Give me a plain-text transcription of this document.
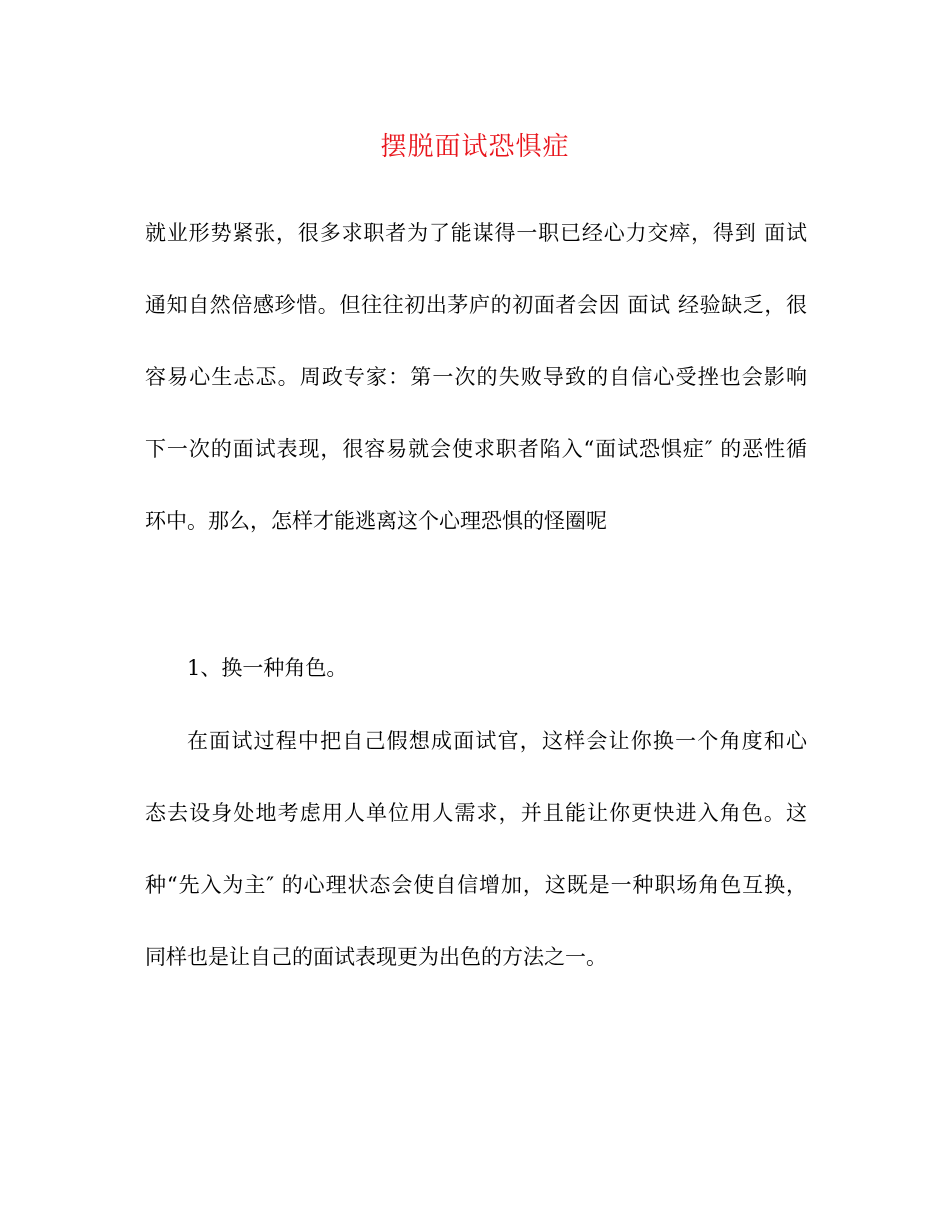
摆脱面试恐惧症
就业形势紧张，很多求职者为了能谋得一职已经心力交瘁，得到 面试
通知自然倍感珍惜。但往往初出茅庐的初面者会因 面试 经验缺乏，很
容易心生忐忑。周政专家：第一次的失败导致的自信心受挫也会影响
下一次的面试表现，很容易就会使求职者陷入“面试恐惧症″ 的恶性循
环中。那么，怎样才能逃离这个心理恐惧的怪圈呢
1、换一种角色。
在面试过程中把自己假想成面试官，这样会让你换一个角度和心
态去设身处地考虑用人单位用人需求，并且能让你更快进入角色。这
种“先入为主″ 的心理状态会使自信增加，这既是一种职场角色互换，
同样也是让自己的面试表现更为出色的方法之一。
